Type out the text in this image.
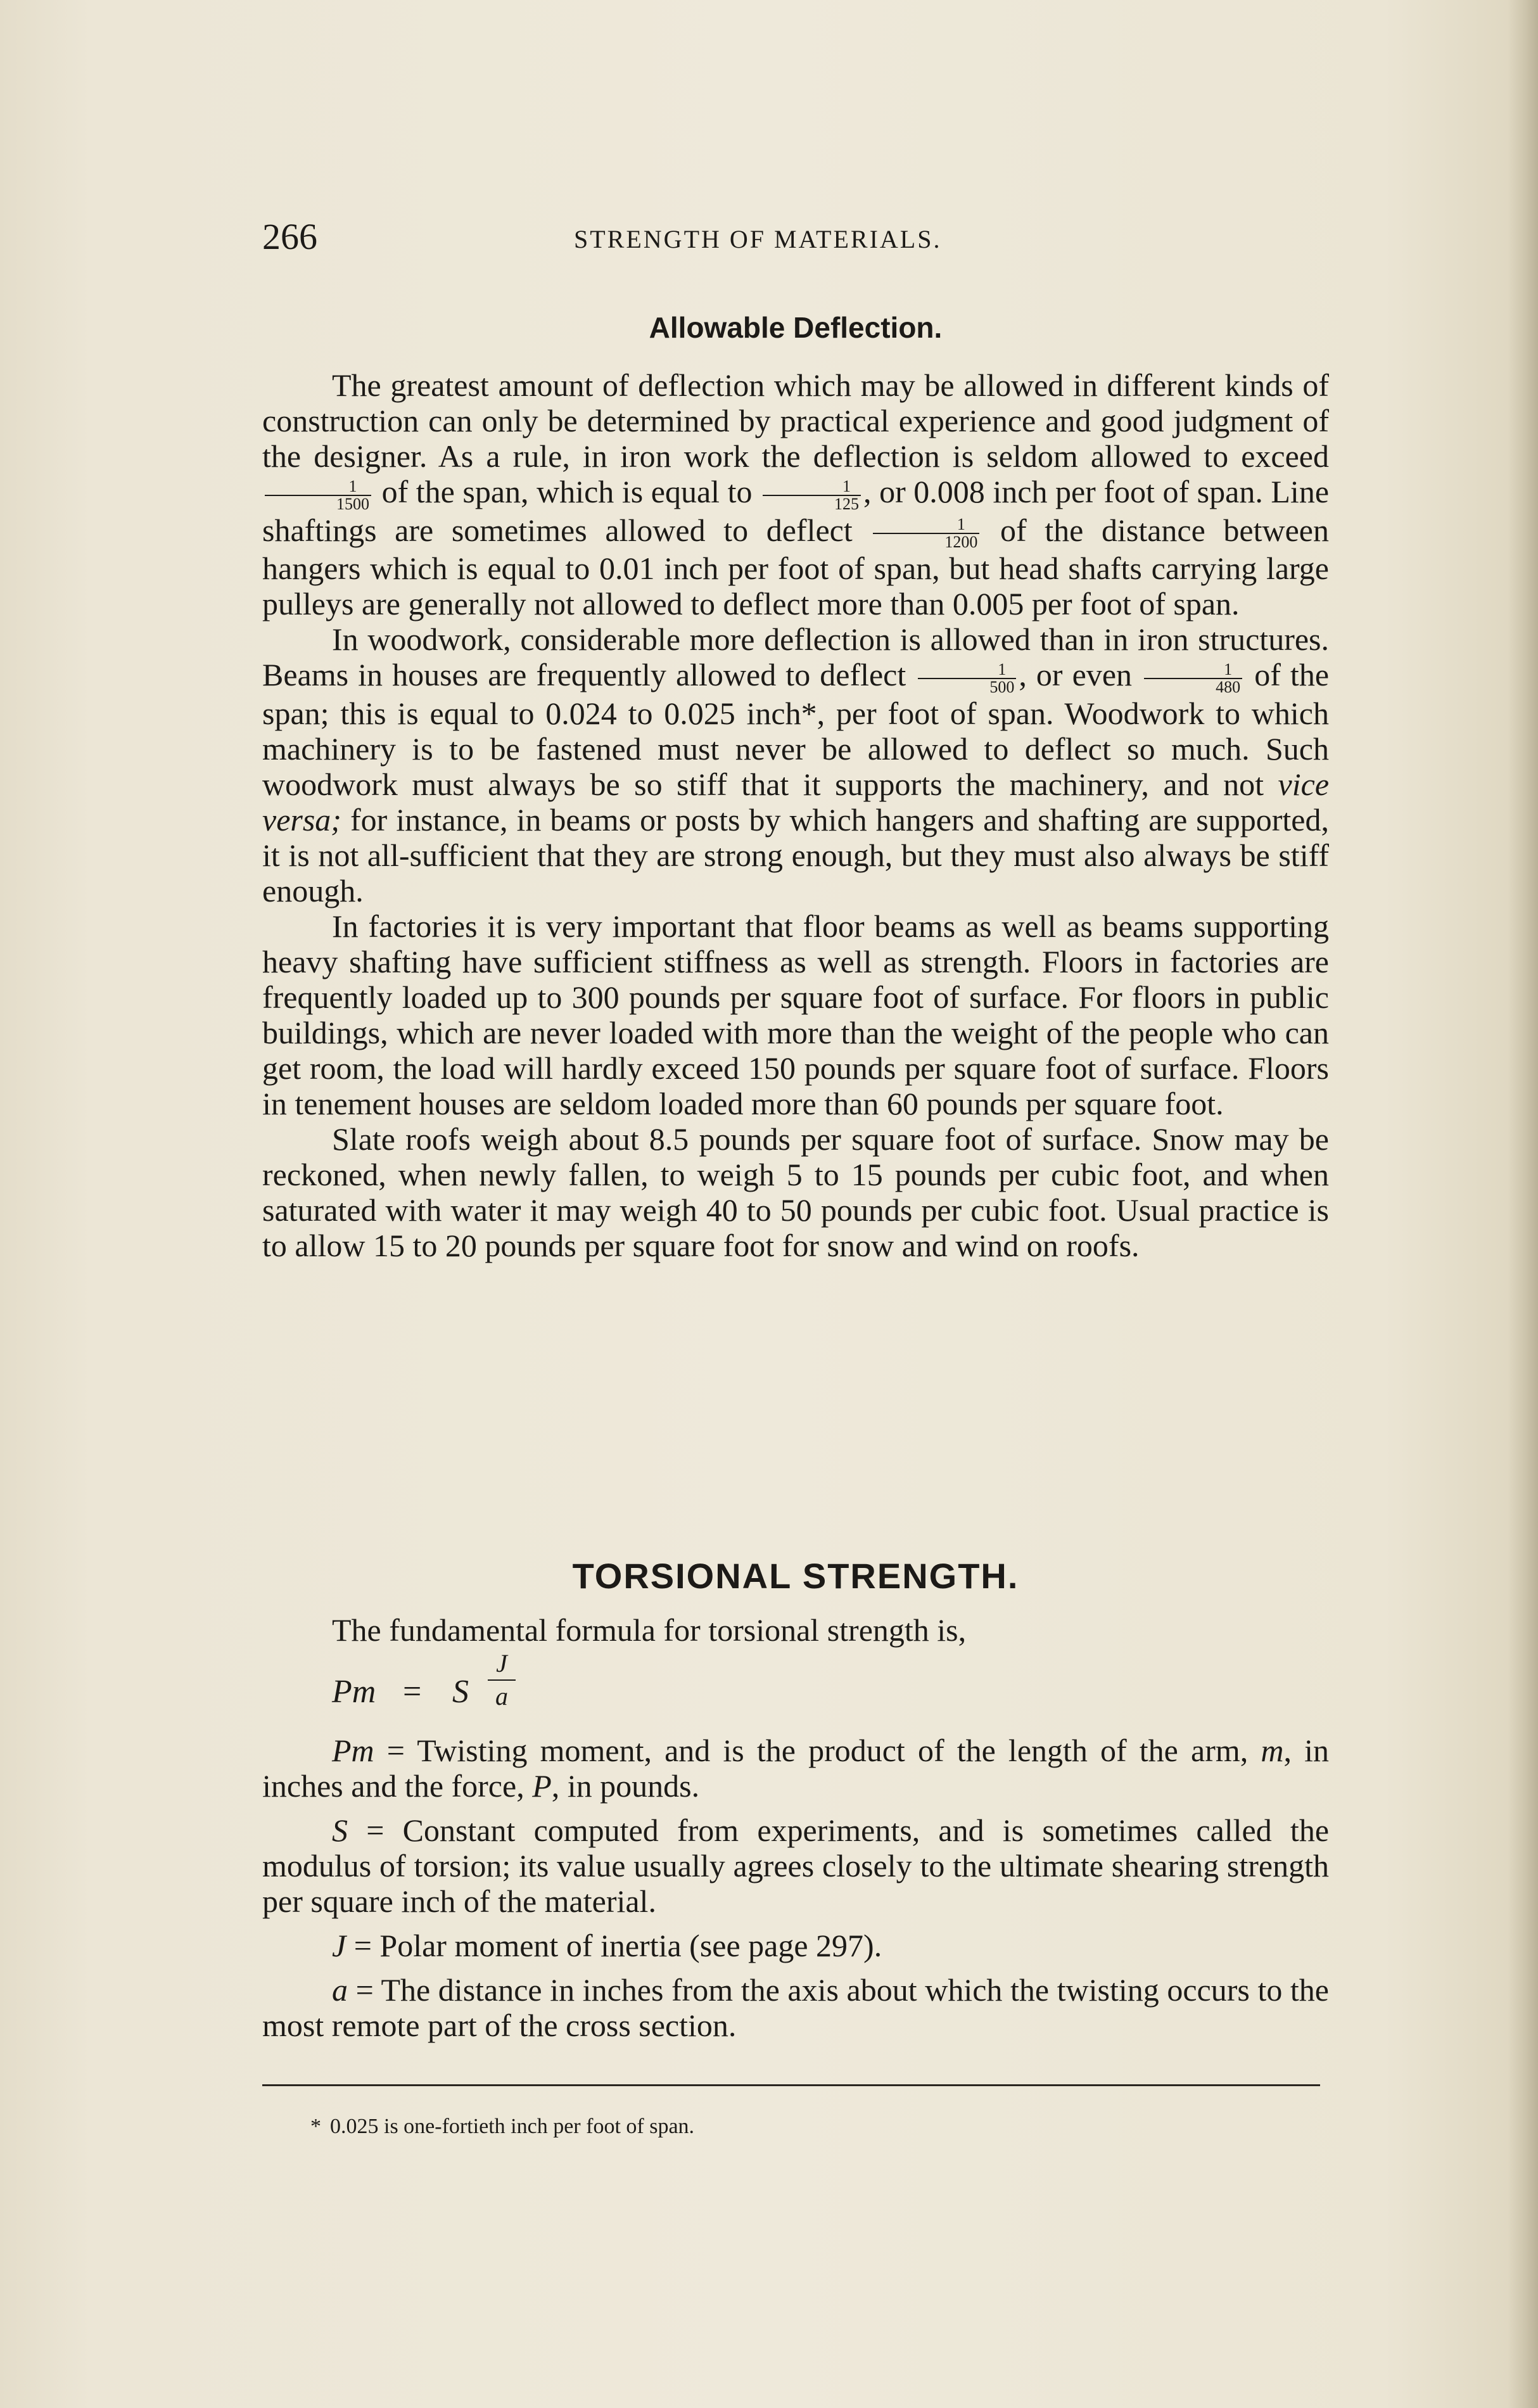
266	STRENGTH OF MATERIALS.
Allowable Deflection.

The greatest amount of deflection which may be allowed in different kinds of construction can only be determined by practical experience and good judgment of the designer. As a rule, in iron work the deflection is seldom allowed to exceed
$\frac{1}{1500}$ of the span, which is equal to $\frac{1}{125}$ , or 0.008 inch per foot of span. Line shaftings are sometimes allowed to deflect $\frac{1}{1200}$ of the distance between hangers which is equal to 0.01 inch per foot of span, but head shafts carrying large pulleys are generally not allowed to deflect more than 0.005 per foot of span.

In woodwork, considerable more deflection is allowed than in iron structures. Beams in houses are frequently allowed to deflect $\frac{1}{500}$ , or even $\frac{1}{480}$ of the span; this is equal to 0.024 to 0.025 inch*, per foot of span. Woodwork to which machinery is to be fastened must never be allowed to deflect so much. Such woodwork must always be so stiff that it supports the machinery, and not vice versa; for instance, in beams or posts by which hangers and shafting are supported, it is not all-sufficient that they are strong enough, but they must also always be stiff enough.

In factories it is very important that floor beams as well as beams supporting heavy shafting have sufficient stiffness as well as strength. Floors in factories are frequently loaded up to 300 pounds per square foot of surface. For floors in public buildings, which are never loaded with more than the weight of the people who can get room, the load will hardly exceed 150 pounds per square foot of surface. Floors in tenement houses are seldom loaded more than 60 pounds per square foot.

Slate roofs weigh about 8.5 pounds per square foot of surface. Snow may be reckoned, when newly fallen, to weigh 5 to 15 pounds per cubic foot, and when saturated with water it may weigh 40 to 50 pounds per cubic foot. Usual practice is to allow 15 to 20 pounds per square foot for snow and wind on roofs.

TORSIONAL STRENGTH.

The fundamental formula for torsional strength is,

Pm = S
J
a

Pm = Twisting moment, and is the product of the length of the arm, m, in inches and the force, P, in pounds.

S = Constant computed from experiments, and is sometimes called the modulus of torsion; its value usually agrees closely to the ultimate shearing strength per square inch of the material.

J = Polar moment of inertia (see page 297).

a = The distance in inches from the axis about which the twisting occurs to the most remote part of the cross section.

* 0.025 is one-fortieth inch per foot of span.
